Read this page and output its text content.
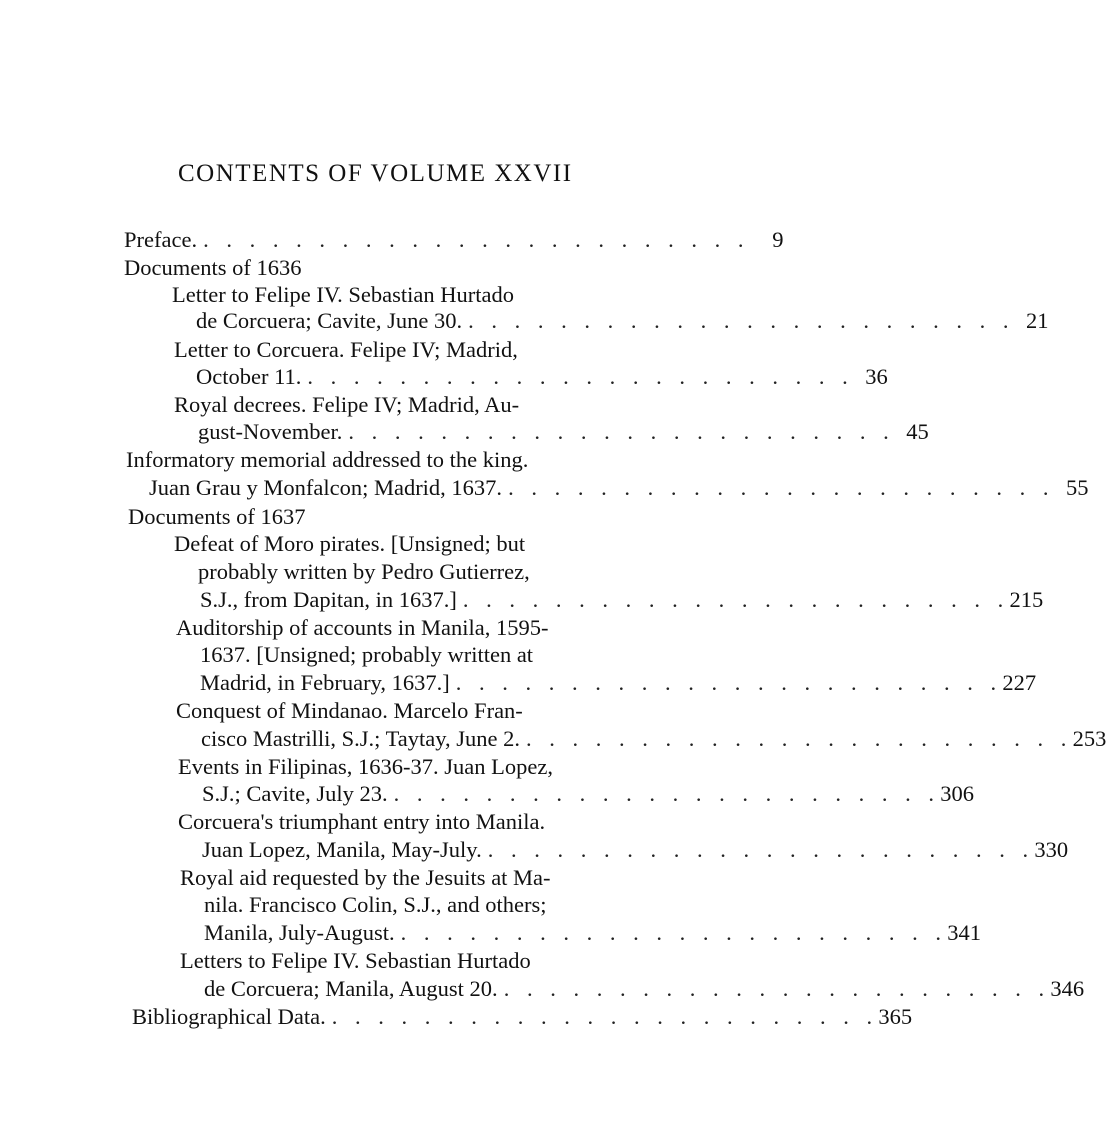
CONTENTS OF VOLUME XXVII
Preface. . . . . . . . . . . . . . . . . . . . . . . . .	9
Documents of 1636
Letter to Felipe IV. Sebastian Hurtado
de Corcuera; Cavite, June 30. . . . . . . . . . . . . . . . . . . . . . . . . 21
Letter to Corcuera. Felipe IV; Madrid,
October 11. . . . . . . . . . . . . . . . . . . . . . . . . 36
Royal decrees. Felipe IV; Madrid, Au-
gust-November. . . . . . . . . . . . . . . . . . . . . . . . . 45
Informatory memorial addressed to the king.
Juan Grau y Monfalcon; Madrid, 1637. . . . . . . . . . . . . . . . . . . . . . . . . 55
Documents of 1637
Defeat of Moro pirates. [Unsigned; but
probably written by Pedro Gutierrez,
S.J., from Dapitan, in 1637.] . . . . . . . . . . . . . . . . . . . . . . . . 215
Auditorship of accounts in Manila, 1595-
1637. [Unsigned; probably written at
Madrid, in February, 1637.] . . . . . . . . . . . . . . . . . . . . . . . . 227
Conquest of Mindanao. Marcelo Fran-
cisco Mastrilli, S.J.; Taytay, June 2. . . . . . . . . . . . . . . . . . . . . . . . . 253
Events in Filipinas, 1636-37. Juan Lopez,
S.J.; Cavite, July 23. . . . . . . . . . . . . . . . . . . . . . . . . 306
Corcuera's triumphant entry into Manila.
Juan Lopez, Manila, May-July. . . . . . . . . . . . . . . . . . . . . . . . . 330
Royal aid requested by the Jesuits at Ma-
nila. Francisco Colin, S.J., and others;
Manila, July-August. . . . . . . . . . . . . . . . . . . . . . . . . 341
Letters to Felipe IV. Sebastian Hurtado
de Corcuera; Manila, August 20. . . . . . . . . . . . . . . . . . . . . . . . . 346
Bibliographical Data. . . . . . . . . . . . . . . . . . . . . . . . . 365
